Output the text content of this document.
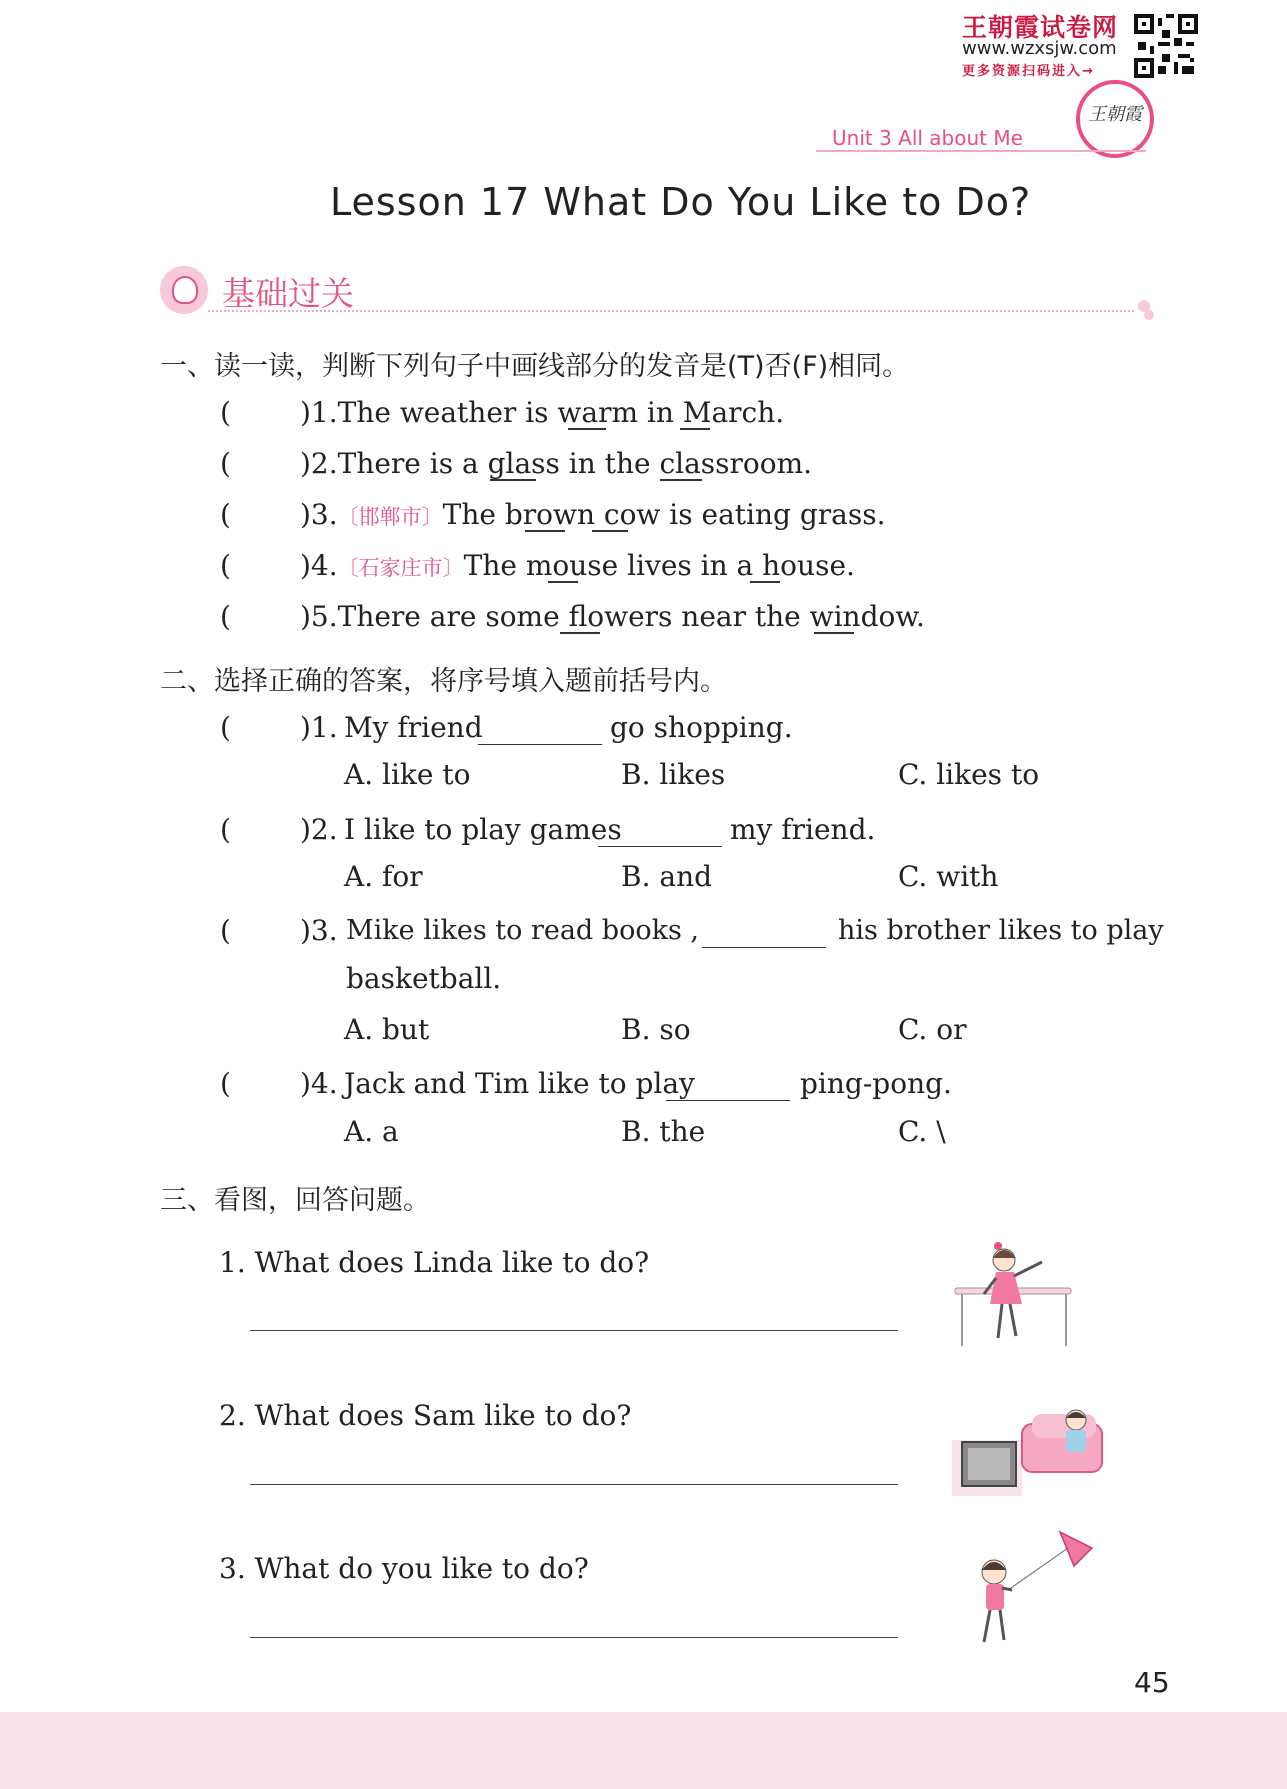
王朝霞试卷网
www.wzxsjw.com
更多资源扫码进入→
王朝霞
Unit 3 All about Me
Lesson 17 What Do You Like to Do?
基础过关
一、读一读，判断下列句子中画线部分的发音是(T)否(F)相同。
( )1.The weather is warm in March.
( )2.There is a glass in the classroom.
( )3.〔邯郸市〕The brown cow is eating grass.
( )4.〔石家庄市〕The mouse lives in a house.
( )5.There are some flowers near the window.
二、选择正确的答案，将序号填入题前括号内。
( )1. My friend	go shopping.
A. like to	B. likes	C. likes to
( )2. I like to play games	my friend.
A. for	B. and	C. with
( )3. Mike likes to read books ,	his brother likes to play
basketball.
A. but	B. so	C. or
( )4. Jack and Tim like to play	ping-pong.
A. a	B. the	C. \
三、看图，回答问题。
1. What does Linda like to do?
2. What does Sam like to do?
3. What do you like to do?
45
